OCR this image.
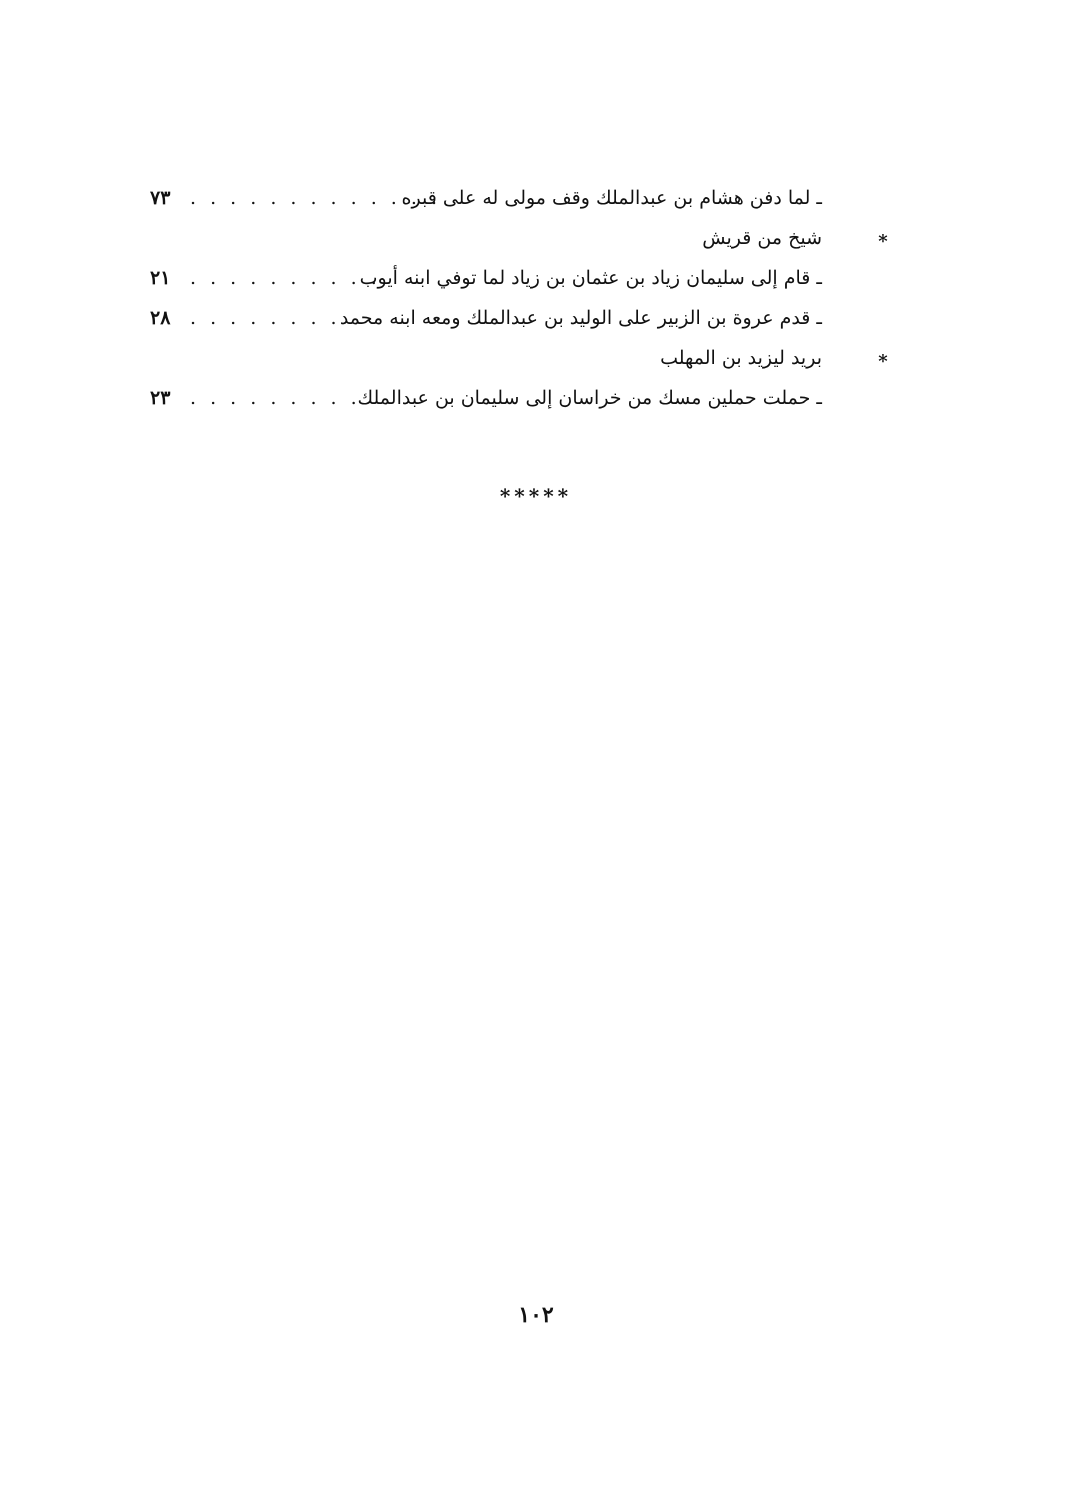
ـ لما دفن هشام بن عبدالملك وقف مولى له على قبره
. . . . . . . . . . . . .
٧٣
*
شيخ من قريش
ـ قام إلى سليمان زياد بن عثمان بن زياد لما توفي ابنه أيوب
. . . . . . . . . .
٢١
ـ قدم عروة بن الزبير على الوليد بن عبدالملك ومعه ابنه محمد
. . . . . . . .
٢٨
*
بريد ليزيد بن المهلب
ـ حملت حملين مسك من خراسان إلى سليمان بن عبدالملك
. . . . . . . . .
٢٣
*****
١٠٢
